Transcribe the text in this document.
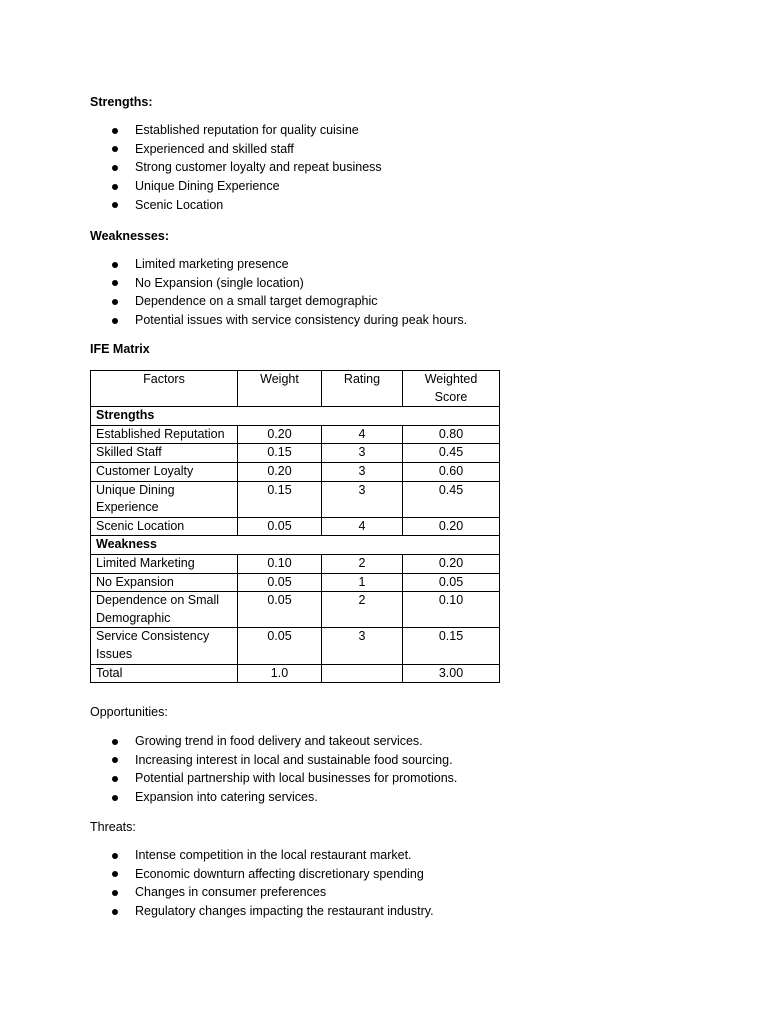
Strengths:

Established reputation for quality cuisine
Experienced and skilled staff
Strong customer loyalty and repeat business
Unique Dining Experience
Scenic Location

Weaknesses:

Limited marketing presence
No Expansion (single location)
Dependence on a small target demographic
Potential issues with service consistency during peak hours.

IFE Matrix

Factors	Weight	Rating	Weighted Score
Strengths			
Established Reputation	0.20	4	0.80
Skilled Staff	0.15	3	0.45
Customer Loyalty	0.20	3	0.60
Unique Dining Experience	0.15	3	0.45
Scenic Location	0.05	4	0.20
Weakness			
Limited Marketing	0.10	2	0.20
No Expansion	0.05	1	0.05
Dependence on Small Demographic	0.05	2	0.10
Service Consistency Issues	0.05	3	0.15
Total	1.0		3.00

Opportunities:

Growing trend in food delivery and takeout services.
Increasing interest in local and sustainable food sourcing.
Potential partnership with local businesses for promotions.
Expansion into catering services.

Threats:

Intense competition in the local restaurant market.
Economic downturn affecting discretionary spending
Changes in consumer preferences
Regulatory changes impacting the restaurant industry.
